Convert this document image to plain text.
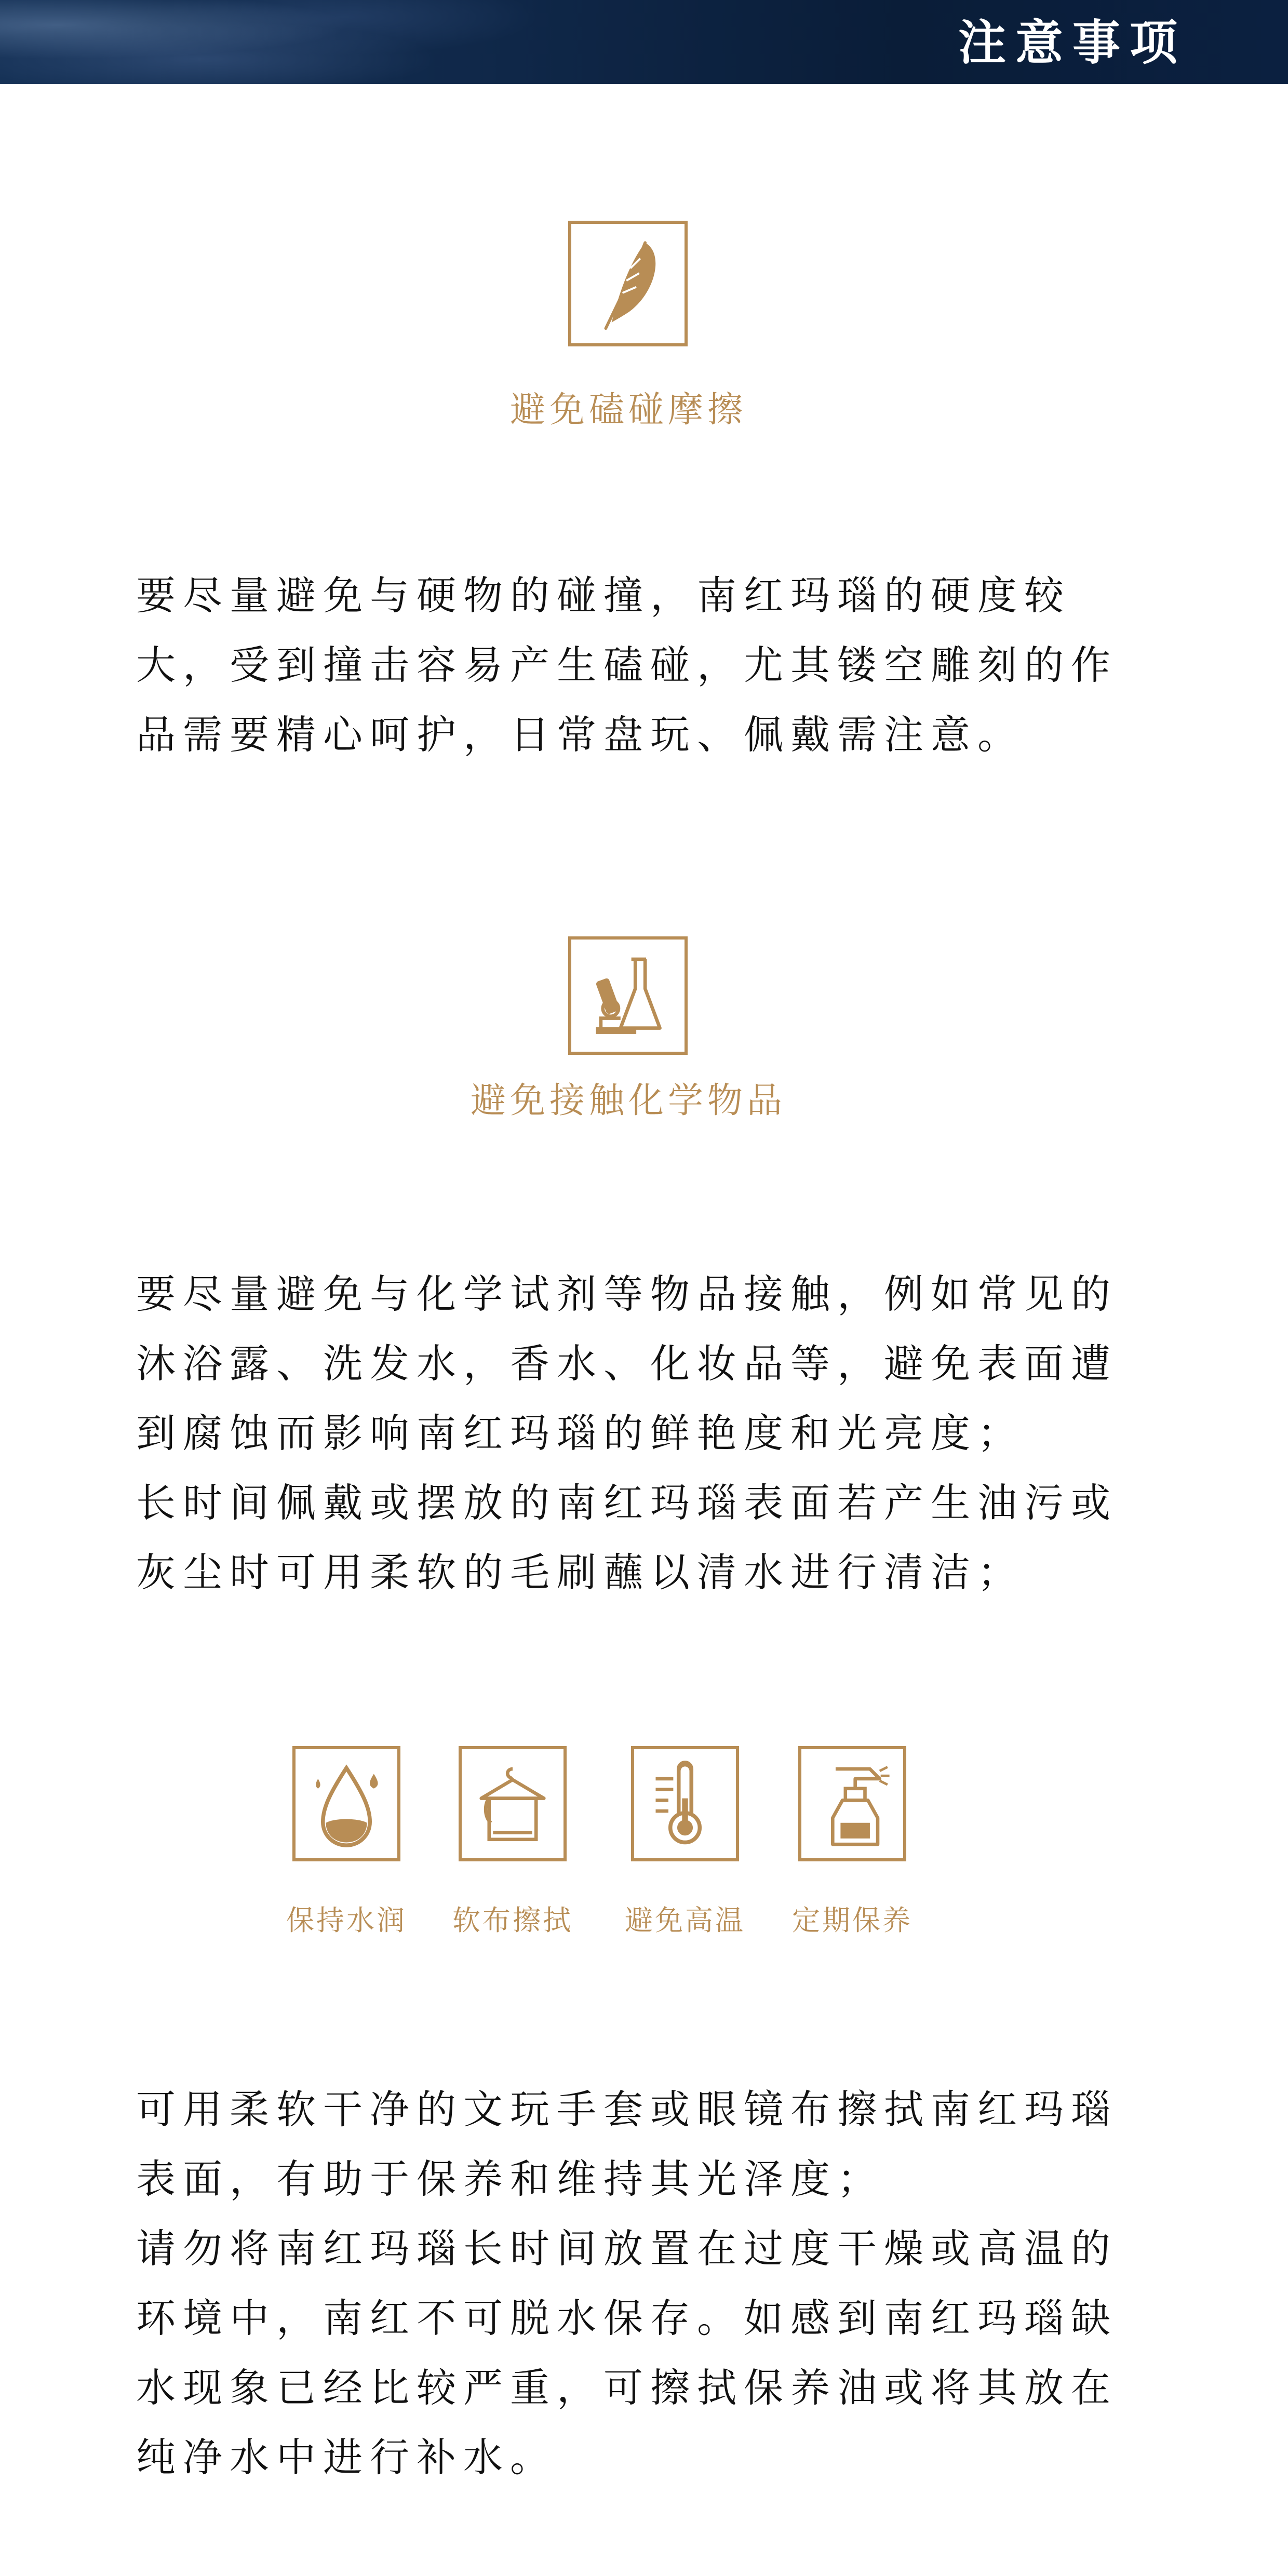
注意事项
避免磕碰摩擦

要尽量避免与硬物的碰撞，南红玛瑙的硬度较大，受到撞击容易产生磕碰，尤其镂空雕刻的作品需要精心呵护，日常盘玩、佩戴需注意。

避免接触化学物品

要尽量避免与化学试剂等物品接触，例如常见的沐浴露、洗发水，香水、化妆品等，避免表面遭到腐蚀而影响南红玛瑙的鲜艳度和光亮度；

长时间佩戴或摆放的南红玛瑙表面若产生油污或灰尘时可用柔软的毛刷蘸以清水进行清洁；

保持水润	软布擦拭	避免高温	定期保养

可用柔软干净的文玩手套或眼镜布擦拭南红玛瑙表面，有助于保养和维持其光泽度；

请勿将南红玛瑙长时间放置在过度干燥或高温的环境中，南红不可脱水保存。如感到南红玛瑙缺水现象已经比较严重，可擦拭保养油或将其放在纯净水中进行补水。
